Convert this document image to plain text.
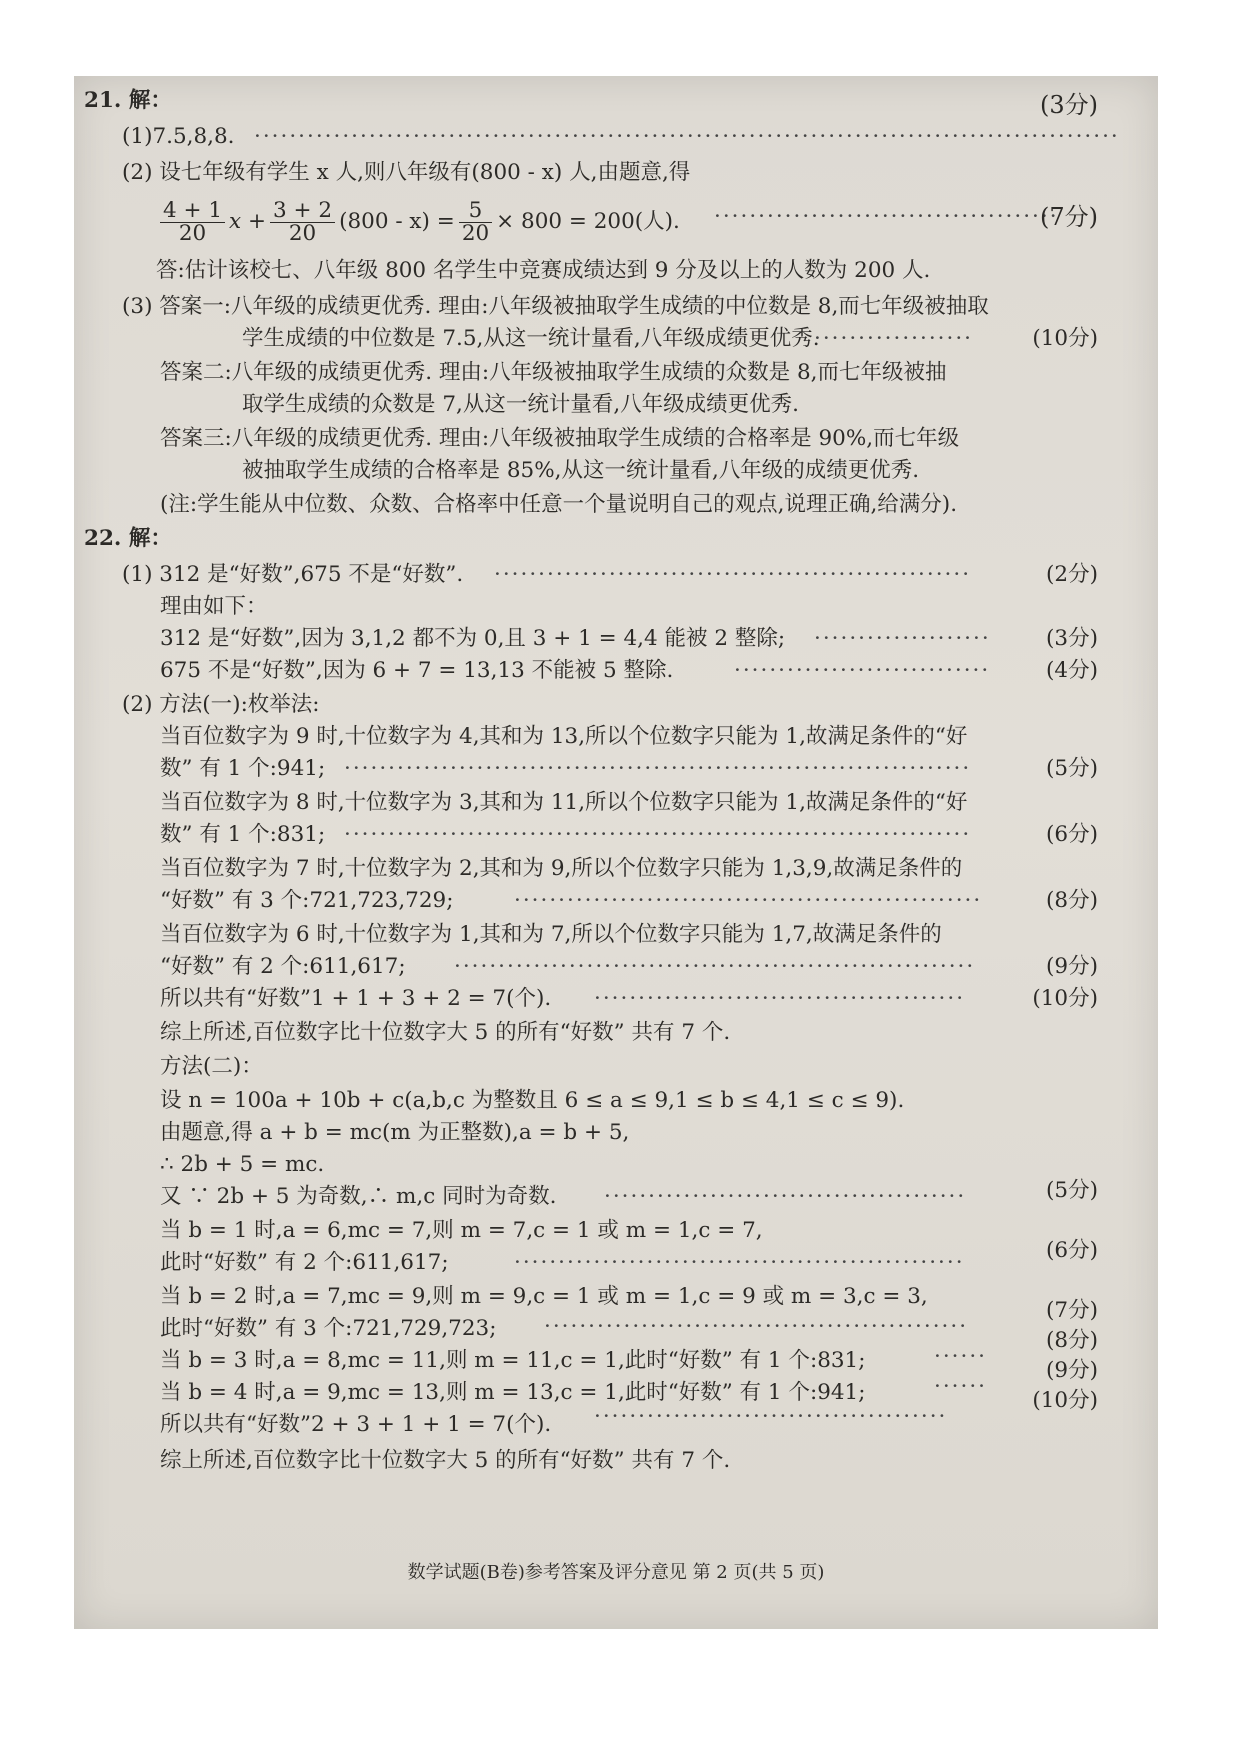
21. 解：
(1)7.5,8,8. ··································································································
(3分)
(2) 设七年级有学生 x 人,则八年级有(800 - x) 人,由题意,得
$\frac{4 + 1}{20}$ $x + \frac{3 + 2}{20} (800 - x) = \frac{5}{20} \times 800 = 200$(人). ·······································
(7分)
答:估计该校七、八年级 800 名学生中竞赛成绩达到 9 分及以上的人数为 200 人.
(3) 答案一:八年级的成绩更优秀. 理由:八年级被抽取学生成绩的中位数是 8,而七年级被抽取
学生成绩的中位数是 7.5,从这一统计量看,八年级成绩更优秀.
··················	(10分)
答案二:八年级的成绩更优秀. 理由:八年级被抽取学生成绩的众数是 8,而七年级被抽
取学生成绩的众数是 7,从这一统计量看,八年级成绩更优秀.
答案三:八年级的成绩更优秀. 理由:八年级被抽取学生成绩的合格率是 90%,而七年级
被抽取学生成绩的合格率是 85%,从这一统计量看,八年级的成绩更优秀.
(注:学生能从中位数、众数、合格率中任意一个量说明自己的观点,说理正确,给满分).
22. 解：
(1) 312 是“好数”,675 不是“好数”. ······················································	(2分)
理由如下：
312 是“好数”,因为 3,1,2 都不为 0,且 3 + 1 = 4,4 能被 2 整除; ····················	(3分)
675 不是“好数”,因为 6 + 7 = 13,13 不能被 5 整除.	·····························	(4分)
(2) 方法(一):枚举法:
当百位数字为 9 时,十位数字为 4,其和为 13,所以个位数字只能为 1,故满足条件的“好
数” 有 1 个:941; ·······································································	(5分)
当百位数字为 8 时,十位数字为 3,其和为 11,所以个位数字只能为 1,故满足条件的“好
数” 有 1 个:831; ·······································································	(6分)
当百位数字为 7 时,十位数字为 2,其和为 9,所以个位数字只能为 1,3,9,故满足条件的
“好数” 有 3 个:721,723,729;	·····················································	(8分)
当百位数字为 6 时,十位数字为 1,其和为 7,所以个位数字只能为 1,7,故满足条件的
“好数” 有 2 个:611,617; ···························································	(9分)
所以共有“好数”1 + 1 + 3 + 2 = 7(个). ··········································	(10分)
综上所述,百位数字比十位数字大 5 的所有“好数” 共有 7 个.
方法(二)：
设 n = 100a + 10b + c(a,b,c 为整数且 6 ≤ a ≤ 9,1 ≤ b ≤ 4,1 ≤ c ≤ 9).
由题意,得 a + b = mc(m 为正整数),a = b + 5,
∴ 2b + 5 = mc.
又 ∵ 2b + 5 为奇数,∴ m,c 同时为奇数. ·········································	(5分)
当 b = 1 时,a = 6,mc = 7,则 m = 7,c = 1 或 m = 1,c = 7,
此时“好数” 有 2 个:611,617;	···················································	(6分)
当 b = 2 时,a = 7,mc = 9,则 m = 9,c = 1 或 m = 1,c = 9 或 m = 3,c = 3,
此时“好数” 有 3 个:721,729,723; ················································
(7分)
当 b = 3 时,a = 8,mc = 11,则 m = 11,c = 1,此时“好数” 有 1 个:831;	······
(8分)
当 b = 4 时,a = 9,mc = 13,则 m = 13,c = 1,此时“好数” 有 1 个:941;	······
(9分)
所以共有“好数”2 + 3 + 1 + 1 = 7(个). ········································
(10分)
综上所述,百位数字比十位数字大 5 的所有“好数” 共有 7 个.
数学试题(B卷)参考答案及评分意见 第 2 页(共 5 页)
